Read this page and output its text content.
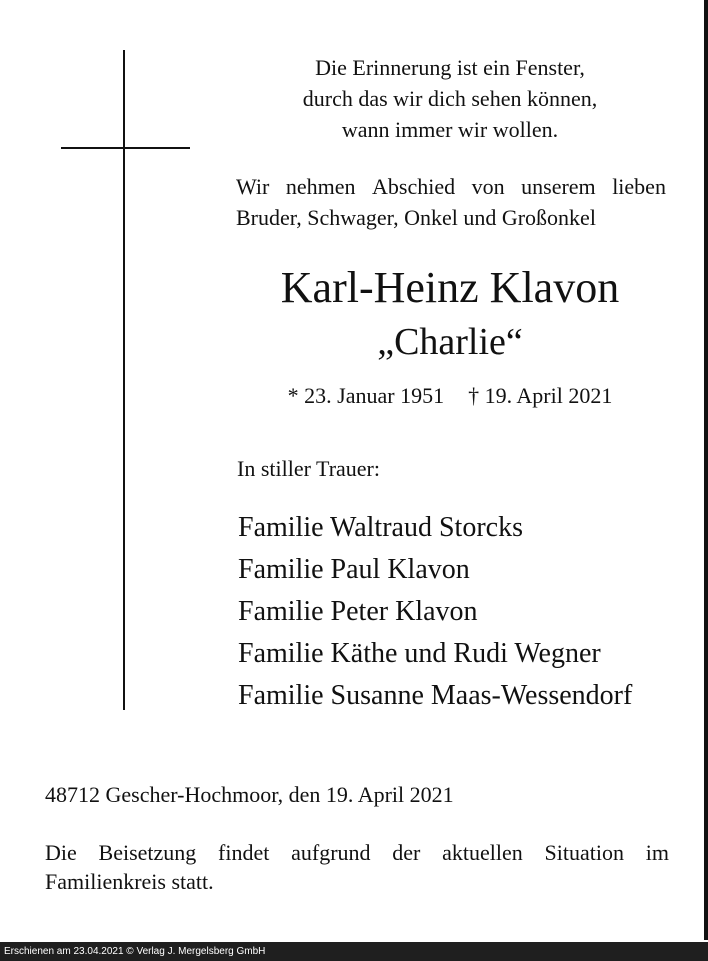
Die Erinnerung ist ein Fenster,
durch das wir dich sehen können,
wann immer wir wollen.
Wir nehmen Abschied von unserem lieben
Bruder, Schwager, Onkel und Großonkel
Karl-Heinz Klavon
„Charlie“
* 23. Januar 1951 † 19. April 2021
In stiller Trauer:
Familie Waltraud Storcks
Familie Paul Klavon
Familie Peter Klavon
Familie Käthe und Rudi Wegner
Familie Susanne Maas-Wessendorf
48712 Gescher-Hochmoor, den 19. April 2021
Die Beisetzung findet aufgrund der aktuellen Situation im
Familienkreis statt.
Erschienen am 23.04.2021 © Verlag J. Mergelsberg GmbH
